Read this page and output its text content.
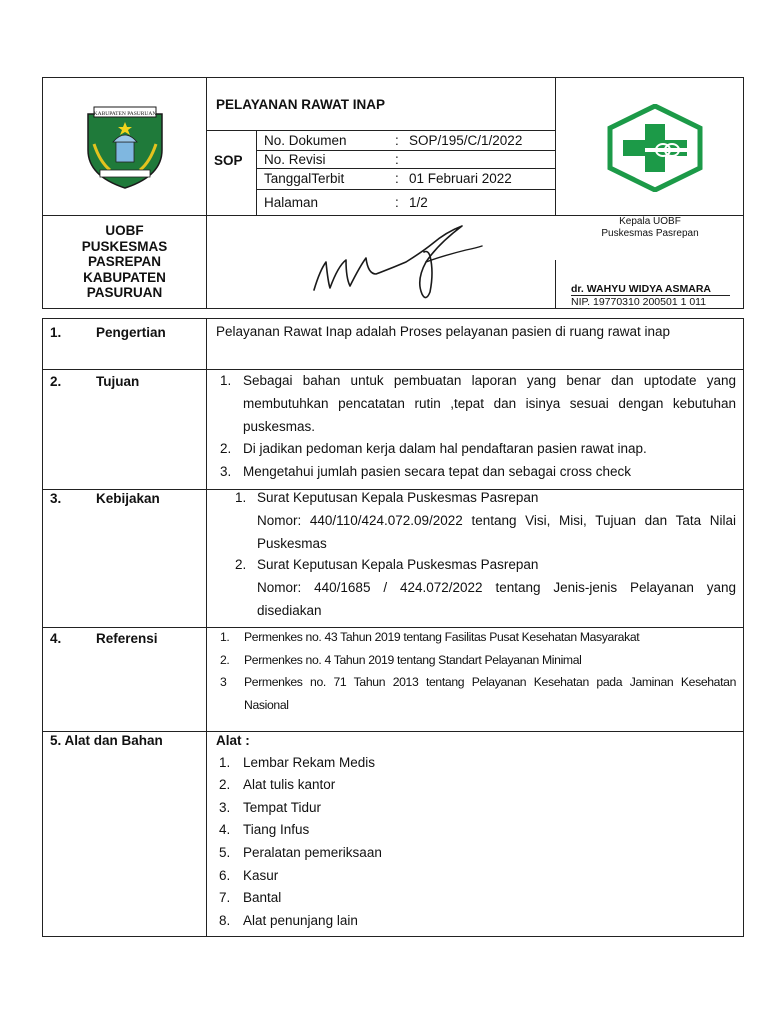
KABUPATEN PASURUAN
PELAYANAN RAWAT INAP
SOP
No. Dokumen	: SOP/195/C/1/2022
No. Revisi	:
TanggalTerbit	: 01 Februari 2022
Halaman	: 1/2
UOBF
PUSKESMAS
PASREPAN
KABUPATEN
PASURUAN
Kepala UOBF
Puskesmas Pasrepan
dr. WAHYU WIDYA ASMARA
NIP. 19770310 200501 1 011
1.	Pengertian	Pelayanan Rawat Inap adalah Proses pelayanan pasien di ruang rawat inap
2.	Tujuan	1. Sebagai bahan untuk pembuatan laporan yang benar dan uptodate yang membutuhkan pencatatan rutin ,tepat dan isinya sesuai dengan kebutuhan puskesmas.
2. Di jadikan pedoman kerja dalam hal pendaftaran pasien rawat inap.
3. Mengetahui jumlah pasien secara tepat dan sebagai cross check
3.	Kebijakan	1. Surat Keputusan Kepala Puskesmas Pasrepan
Nomor: 440/110/424.072.09/2022 tentang Visi, Misi, Tujuan dan Tata Nilai Puskesmas
2. Surat Keputusan Kepala Puskesmas Pasrepan
Nomor: 440/1685 / 424.072/2022 tentang Jenis-jenis Pelayanan yang disediakan
4.	Referensi	1. Permenkes no. 43 Tahun 2019 tentang Fasilitas Pusat Kesehatan Masyarakat
2. Permenkes no. 4 Tahun 2019 tentang Standart Pelayanan Minimal
3 Permenkes no. 71 Tahun 2013 tentang Pelayanan Kesehatan pada Jaminan Kesehatan Nasional
5. Alat dan Bahan	Alat :
1. Lembar Rekam Medis
2. Alat tulis kantor
3. Tempat Tidur
4. Tiang Infus
5. Peralatan pemeriksaan
6. Kasur
7. Bantal
8. Alat penunjang lain
